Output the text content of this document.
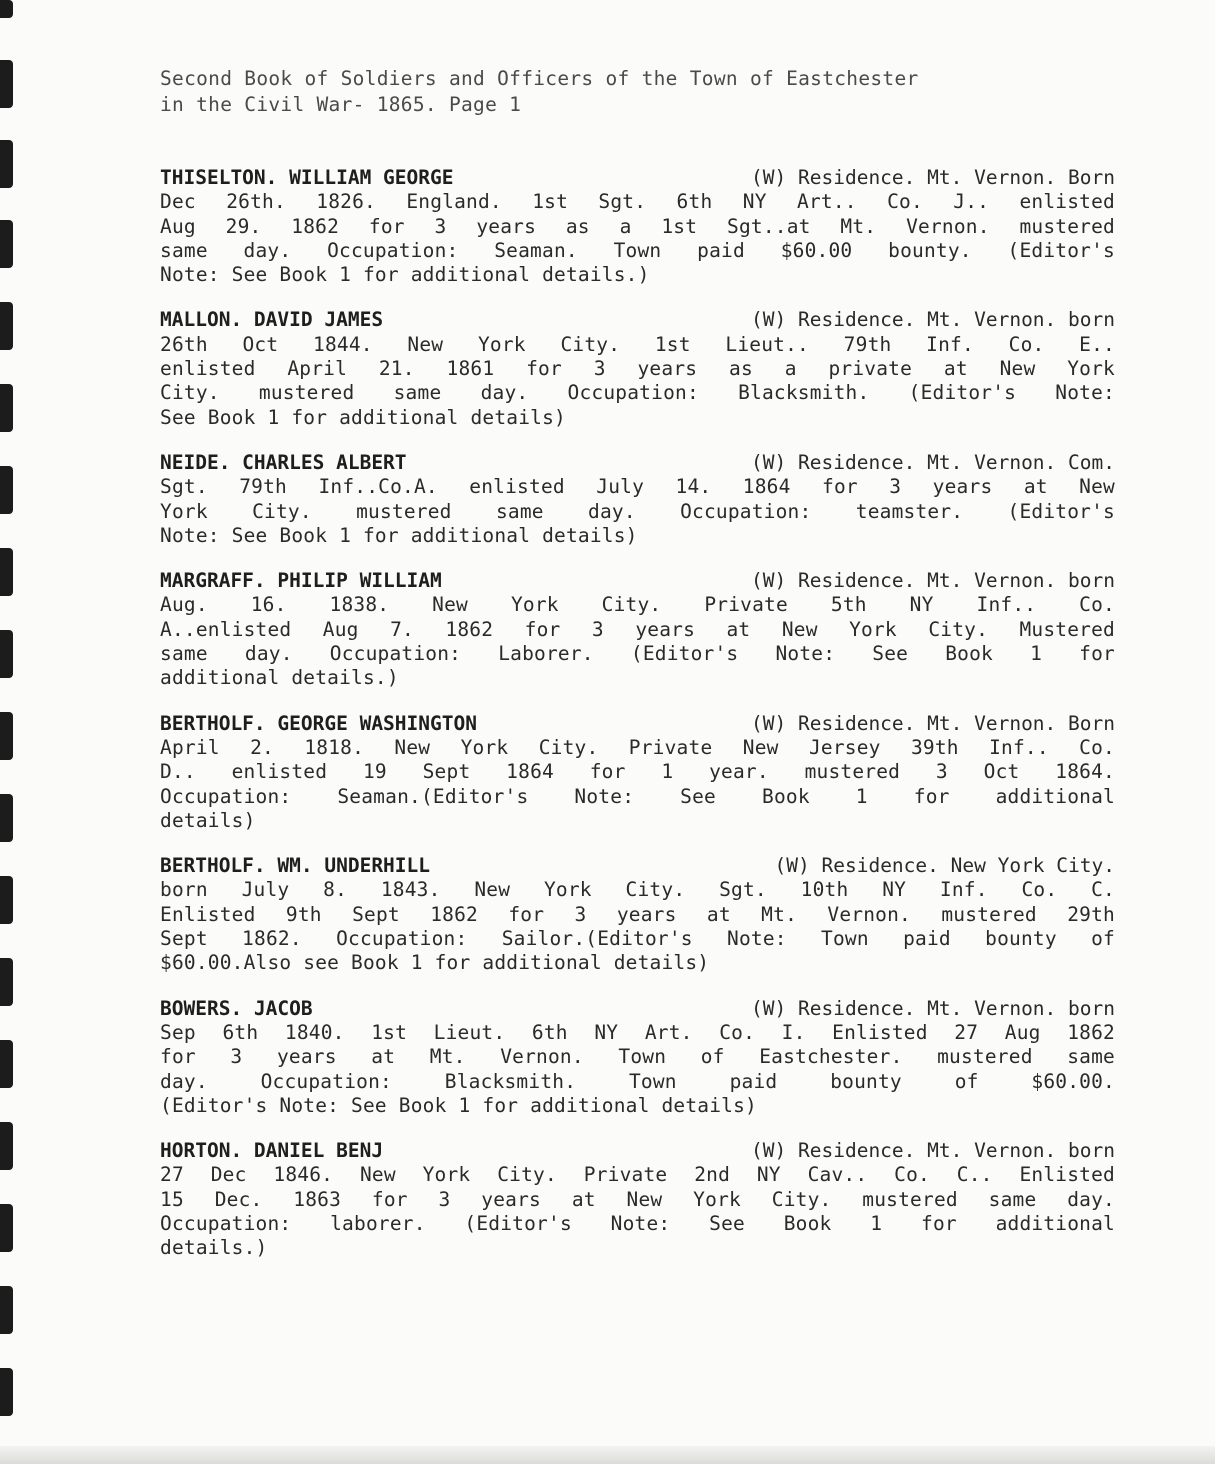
Second Book of Soldiers and Officers of the Town of Eastchester
in the Civil War- 1865. Page 1
THISELTON. WILLIAM GEORGE	(W) Residence. Mt. Vernon. Born
Dec 26th. 1826. England. 1st Sgt. 6th NY Art.. Co. J.. enlisted
Aug 29. 1862 for 3 years as a 1st Sgt..at Mt. Vernon. mustered
same day. Occupation: Seaman. Town paid $60.00 bounty. (Editor's
Note: See Book 1 for additional details.)
MALLON. DAVID JAMES	(W) Residence. Mt. Vernon. born
26th Oct 1844. New York City. 1st Lieut.. 79th Inf. Co. E..
enlisted April 21. 1861 for 3 years as a private at New York
City. mustered same day. Occupation: Blacksmith. (Editor's Note:
See Book 1 for additional details)
NEIDE. CHARLES ALBERT	(W) Residence. Mt. Vernon. Com.
Sgt. 79th Inf..Co.A. enlisted July 14. 1864 for 3 years at New
York City. mustered same day. Occupation: teamster. (Editor's
Note: See Book 1 for additional details)
MARGRAFF. PHILIP WILLIAM	(W) Residence. Mt. Vernon. born
Aug. 16. 1838. New York City. Private 5th NY Inf.. Co.
A..enlisted Aug 7. 1862 for 3 years at New York City. Mustered
same day. Occupation: Laborer. (Editor's Note: See Book 1 for
additional details.)
BERTHOLF. GEORGE WASHINGTON	(W) Residence. Mt. Vernon. Born
April 2. 1818. New York City. Private New Jersey 39th Inf.. Co.
D.. enlisted 19 Sept 1864 for 1 year. mustered 3 Oct 1864.
Occupation: Seaman.(Editor's Note: See Book 1 for additional
details)
BERTHOLF. WM. UNDERHILL	(W) Residence. New York City.
born July 8. 1843. New York City. Sgt. 10th NY Inf. Co. C.
Enlisted 9th Sept 1862 for 3 years at Mt. Vernon. mustered 29th
Sept 1862. Occupation: Sailor.(Editor's Note: Town paid bounty of
$60.00.Also see Book 1 for additional details)
BOWERS. JACOB	(W) Residence. Mt. Vernon. born
Sep 6th 1840. 1st Lieut. 6th NY Art. Co. I. Enlisted 27 Aug 1862
for 3 years at Mt. Vernon. Town of Eastchester. mustered same
day. Occupation: Blacksmith. Town paid bounty of $60.00.
(Editor's Note: See Book 1 for additional details)
HORTON. DANIEL BENJ	(W) Residence. Mt. Vernon. born
27 Dec 1846. New York City. Private 2nd NY Cav.. Co. C.. Enlisted
15 Dec. 1863 for 3 years at New York City. mustered same day.
Occupation: laborer. (Editor's Note: See Book 1 for additional
details.)
